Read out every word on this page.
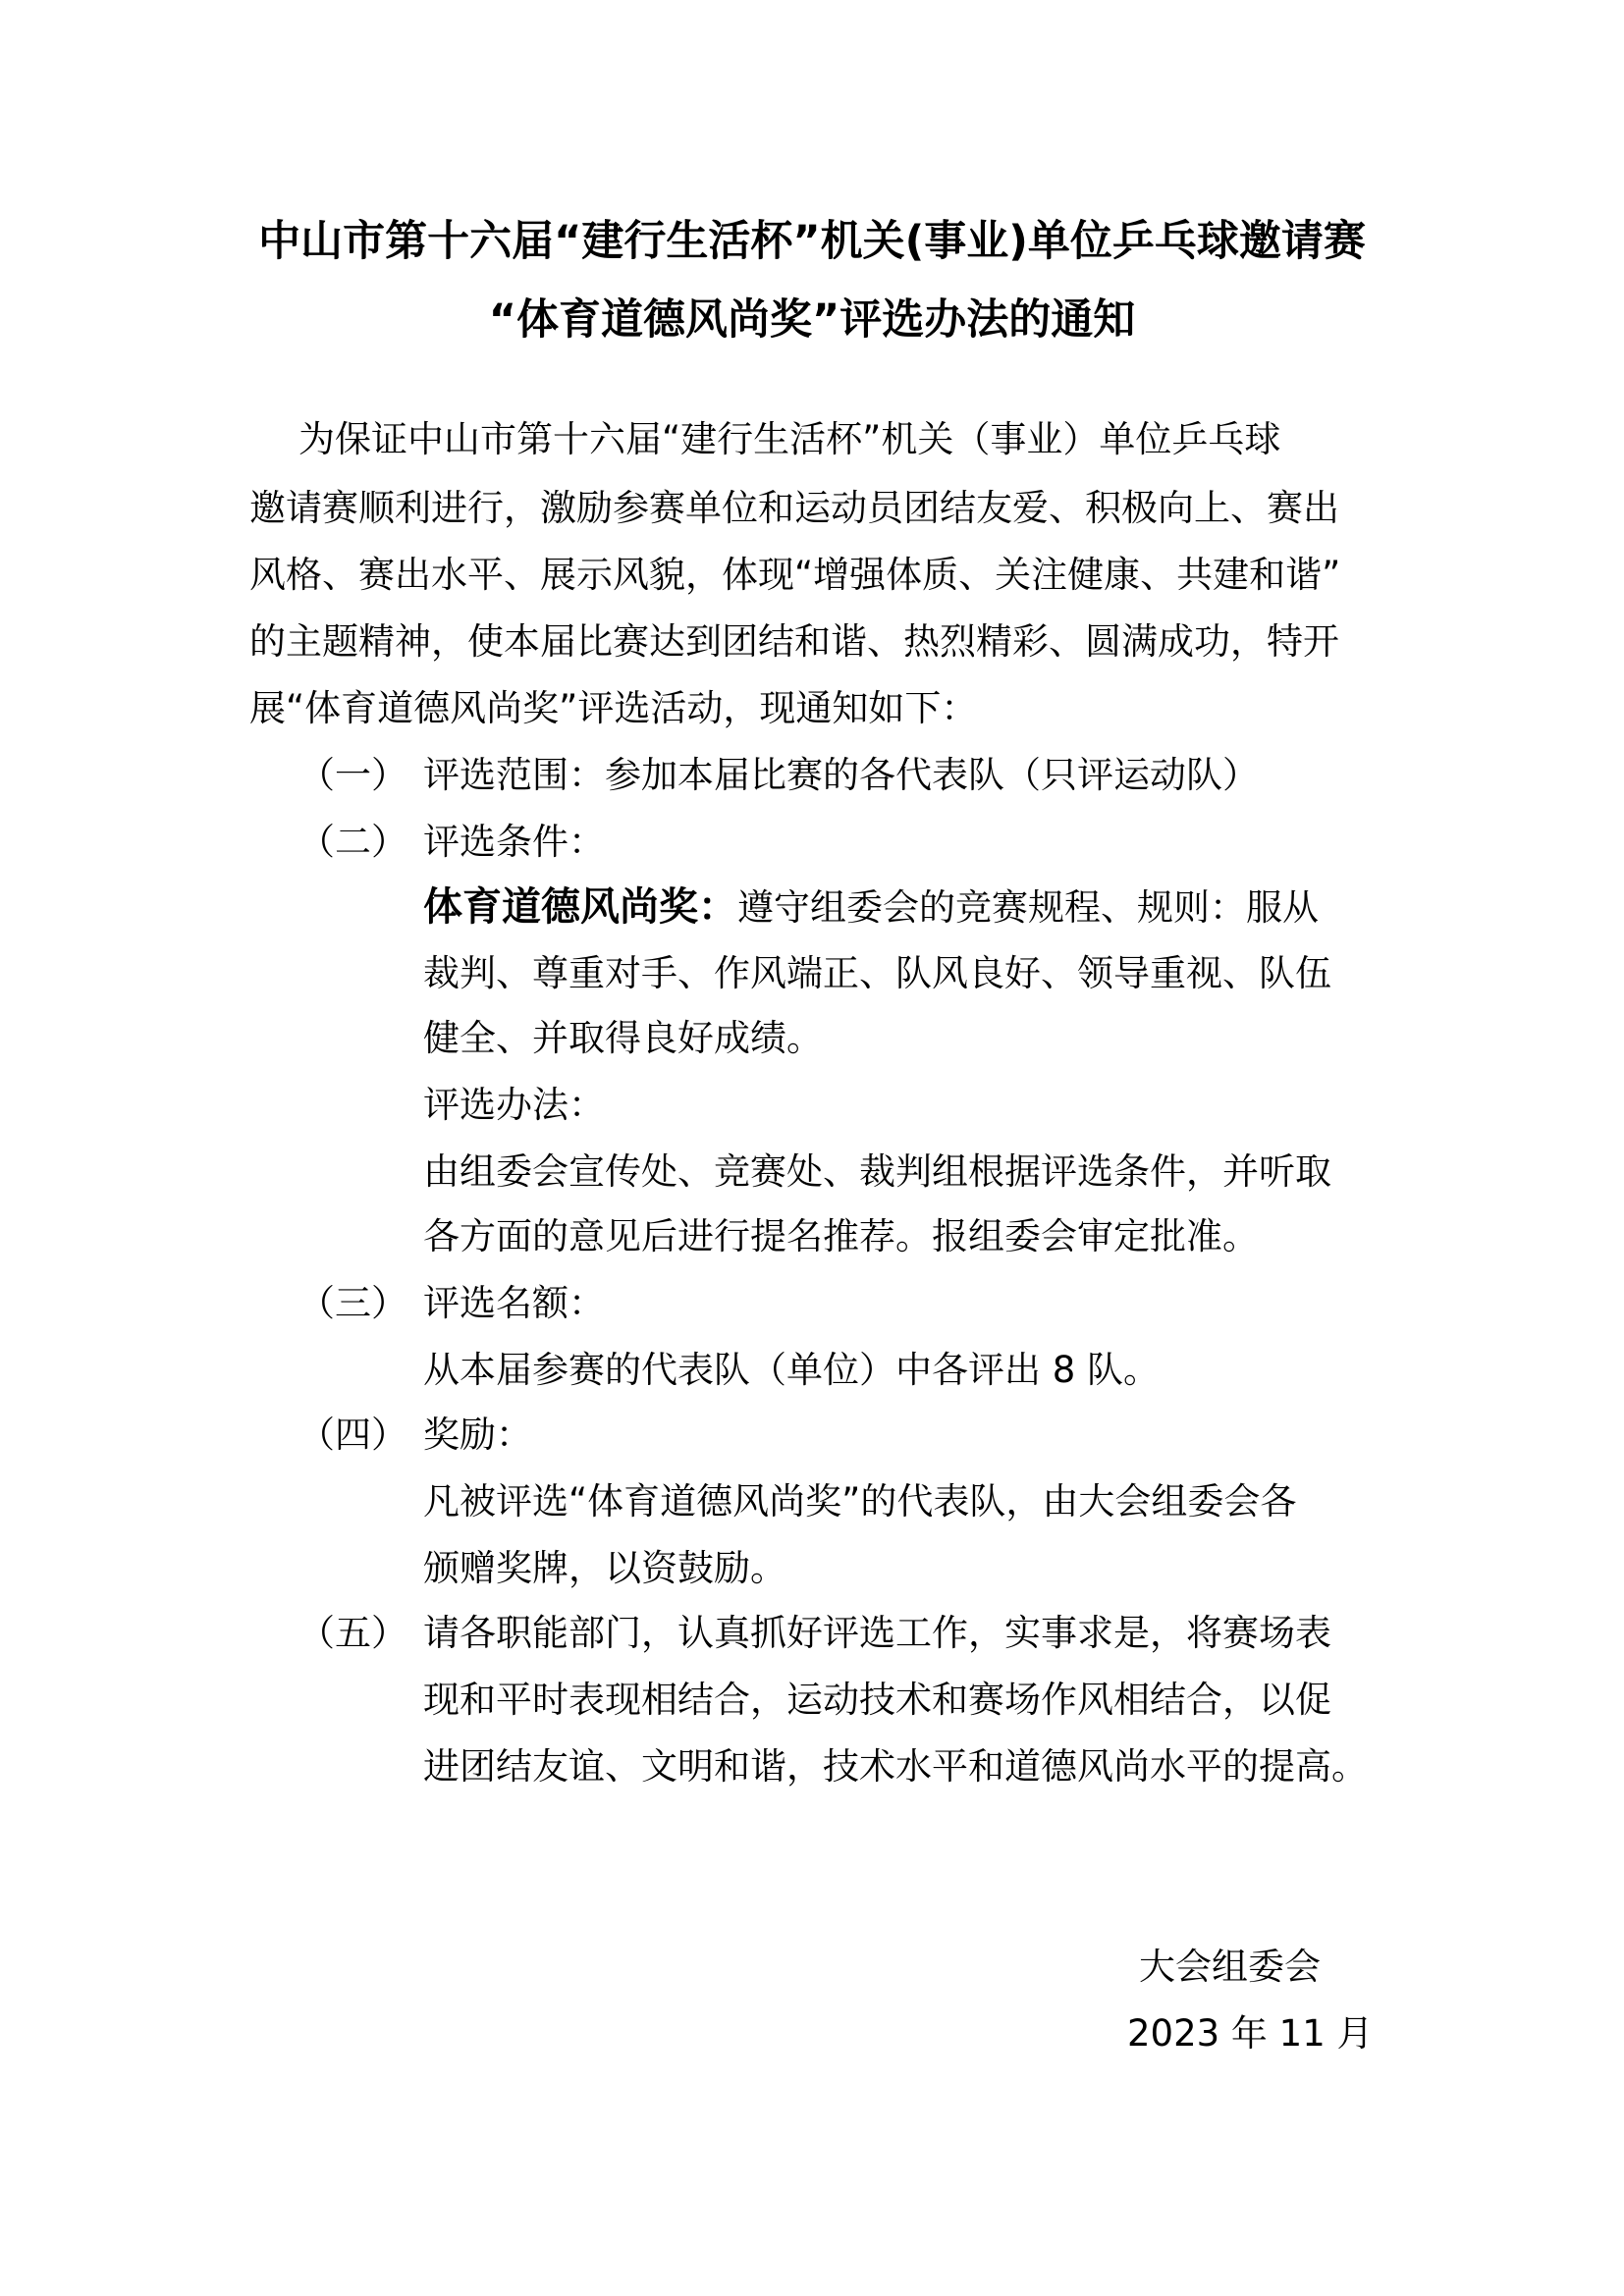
中山市第十六届“建行生活杯”机关(事业)单位乒乓球邀请赛
“体育道德风尚奖”评选办法的通知
为保证中山市第十六届“建行生活杯”机关（事业）单位乒乓球
邀请赛顺利进行，激励参赛单位和运动员团结友爱、积极向上、赛出
风格、赛出水平、展示风貌，体现“增强体质、关注健康、共建和谐”
的主题精神，使本届比赛达到团结和谐、热烈精彩、圆满成功，特开
展“体育道德风尚奖”评选活动，现通知如下：
（一） 评选范围：参加本届比赛的各代表队（只评运动队）
（二） 评选条件：
体育道德风尚奖：遵守组委会的竞赛规程、规则：服从
裁判、尊重对手、作风端正、队风良好、领导重视、队伍
健全、并取得良好成绩。
评选办法：
由组委会宣传处、竞赛处、裁判组根据评选条件，并听取
各方面的意见后进行提名推荐。报组委会审定批准。
（三） 评选名额：
从本届参赛的代表队（单位）中各评出 8 队。
（四） 奖励：
凡被评选“体育道德风尚奖”的代表队，由大会组委会各
颁赠奖牌，以资鼓励。
（五） 请各职能部门，认真抓好评选工作，实事求是，将赛场表
现和平时表现相结合，运动技术和赛场作风相结合，以促
进团结友谊、文明和谐，技术水平和道德风尚水平的提高。
大会组委会
2023 年 11 月
